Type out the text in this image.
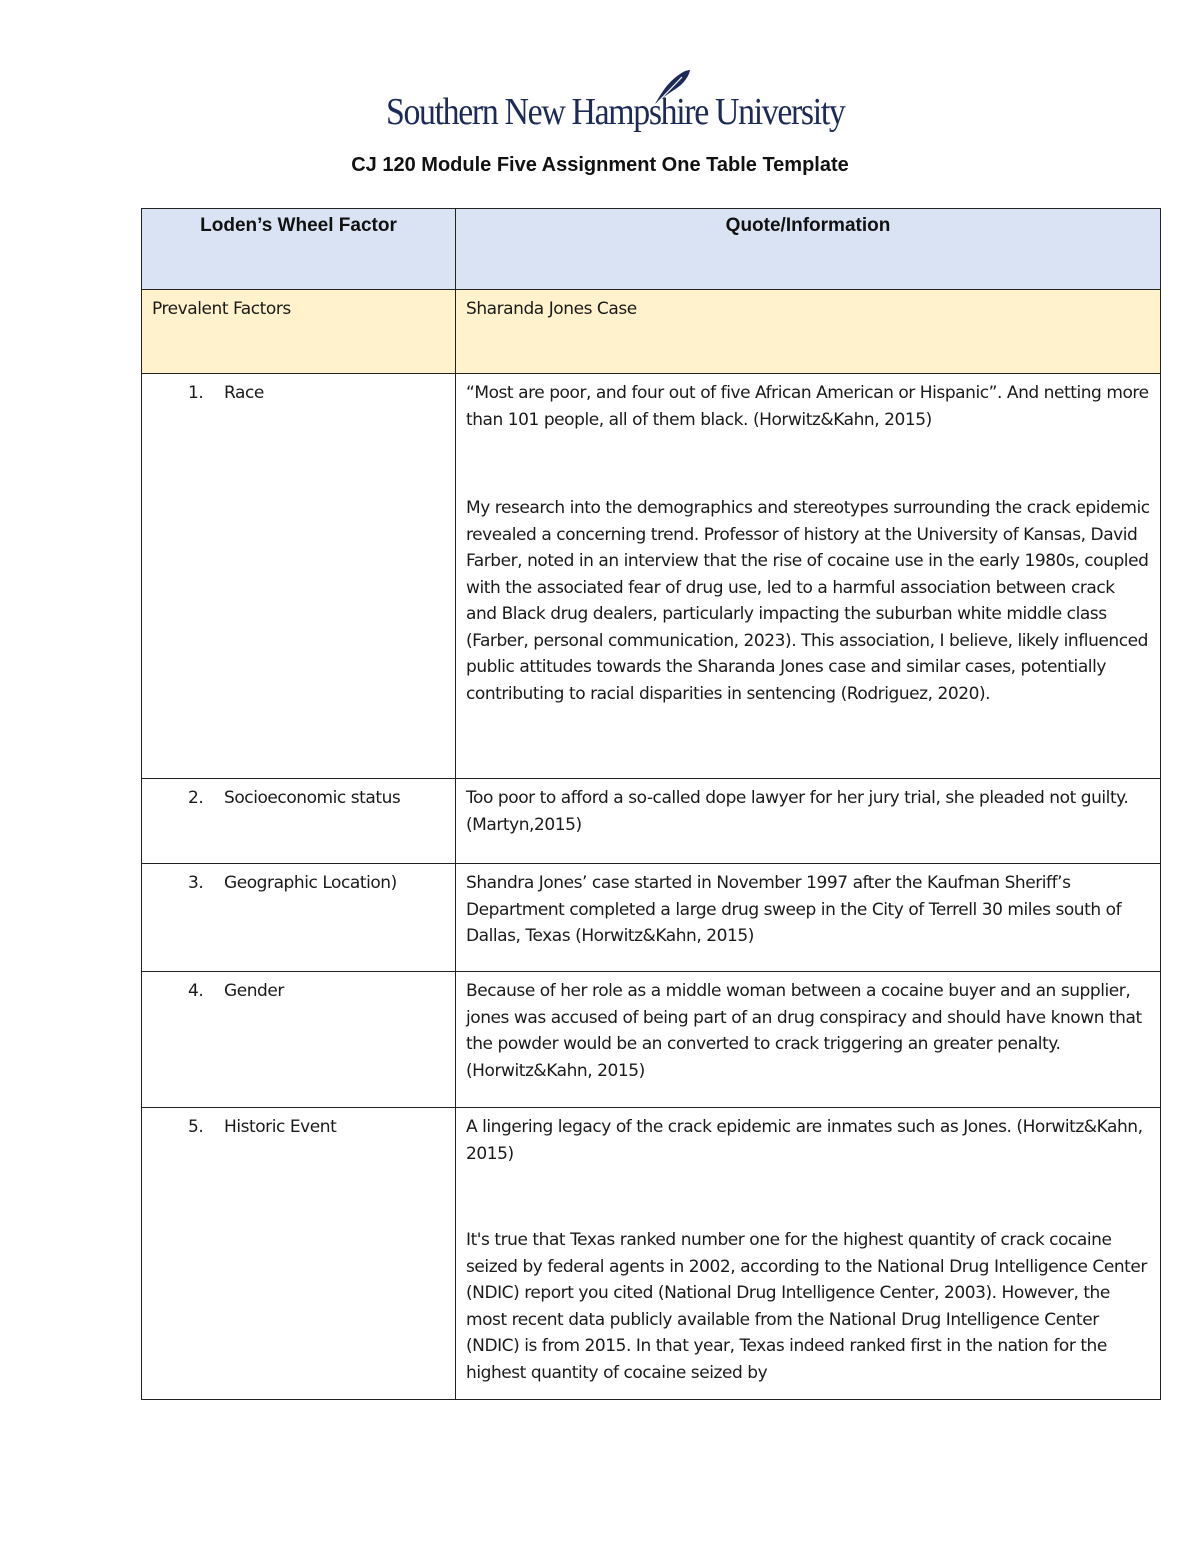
Southern New Hampshire University
CJ 120 Module Five Assignment One Table Template
Loden’s Wheel Factor	Quote/Information

Prevalent Factors	Sharanda Jones Case

1. Race	“Most are poor, and four out of five African American or Hispanic”. And netting more than 101 people, all of them black. (Horwitz&Kahn, 2015)
My research into the demographics and stereotypes surrounding the crack epidemic revealed a concerning trend. Professor of history at the University of Kansas, David Farber, noted in an interview that the rise of cocaine use in the early 1980s, coupled with the associated fear of drug use, led to a harmful association between crack and Black drug dealers, particularly impacting the suburban white middle class (Farber, personal communication, 2023). This association, I believe, likely influenced public attitudes towards the Sharanda Jones case and similar cases, potentially contributing to racial disparities in sentencing (Rodriguez, 2020).

2. Socioeconomic status	Too poor to afford a so-called dope lawyer for her jury trial, she pleaded not guilty. (Martyn,2015)

3. Geographic Location)	Shandra Jones’ case started in November 1997 after the Kaufman Sheriff’s Department completed a large drug sweep in the City of Terrell 30 miles south of Dallas, Texas (Horwitz&Kahn, 2015)

4. Gender	Because of her role as a middle woman between a cocaine buyer and an supplier, jones was accused of being part of an drug conspiracy and should have known that the powder would be an converted to crack triggering an greater penalty. (Horwitz&Kahn, 2015)

5. Historic Event	A lingering legacy of the crack epidemic are inmates such as Jones. (Horwitz&Kahn, 2015)
It's true that Texas ranked number one for the highest quantity of crack cocaine seized by federal agents in 2002, according to the National Drug Intelligence Center (NDIC) report you cited (National Drug Intelligence Center, 2003). However, the most recent data publicly available from the National Drug Intelligence Center (NDIC) is from 2015. In that year, Texas indeed ranked first in the nation for the highest quantity of cocaine seized by
